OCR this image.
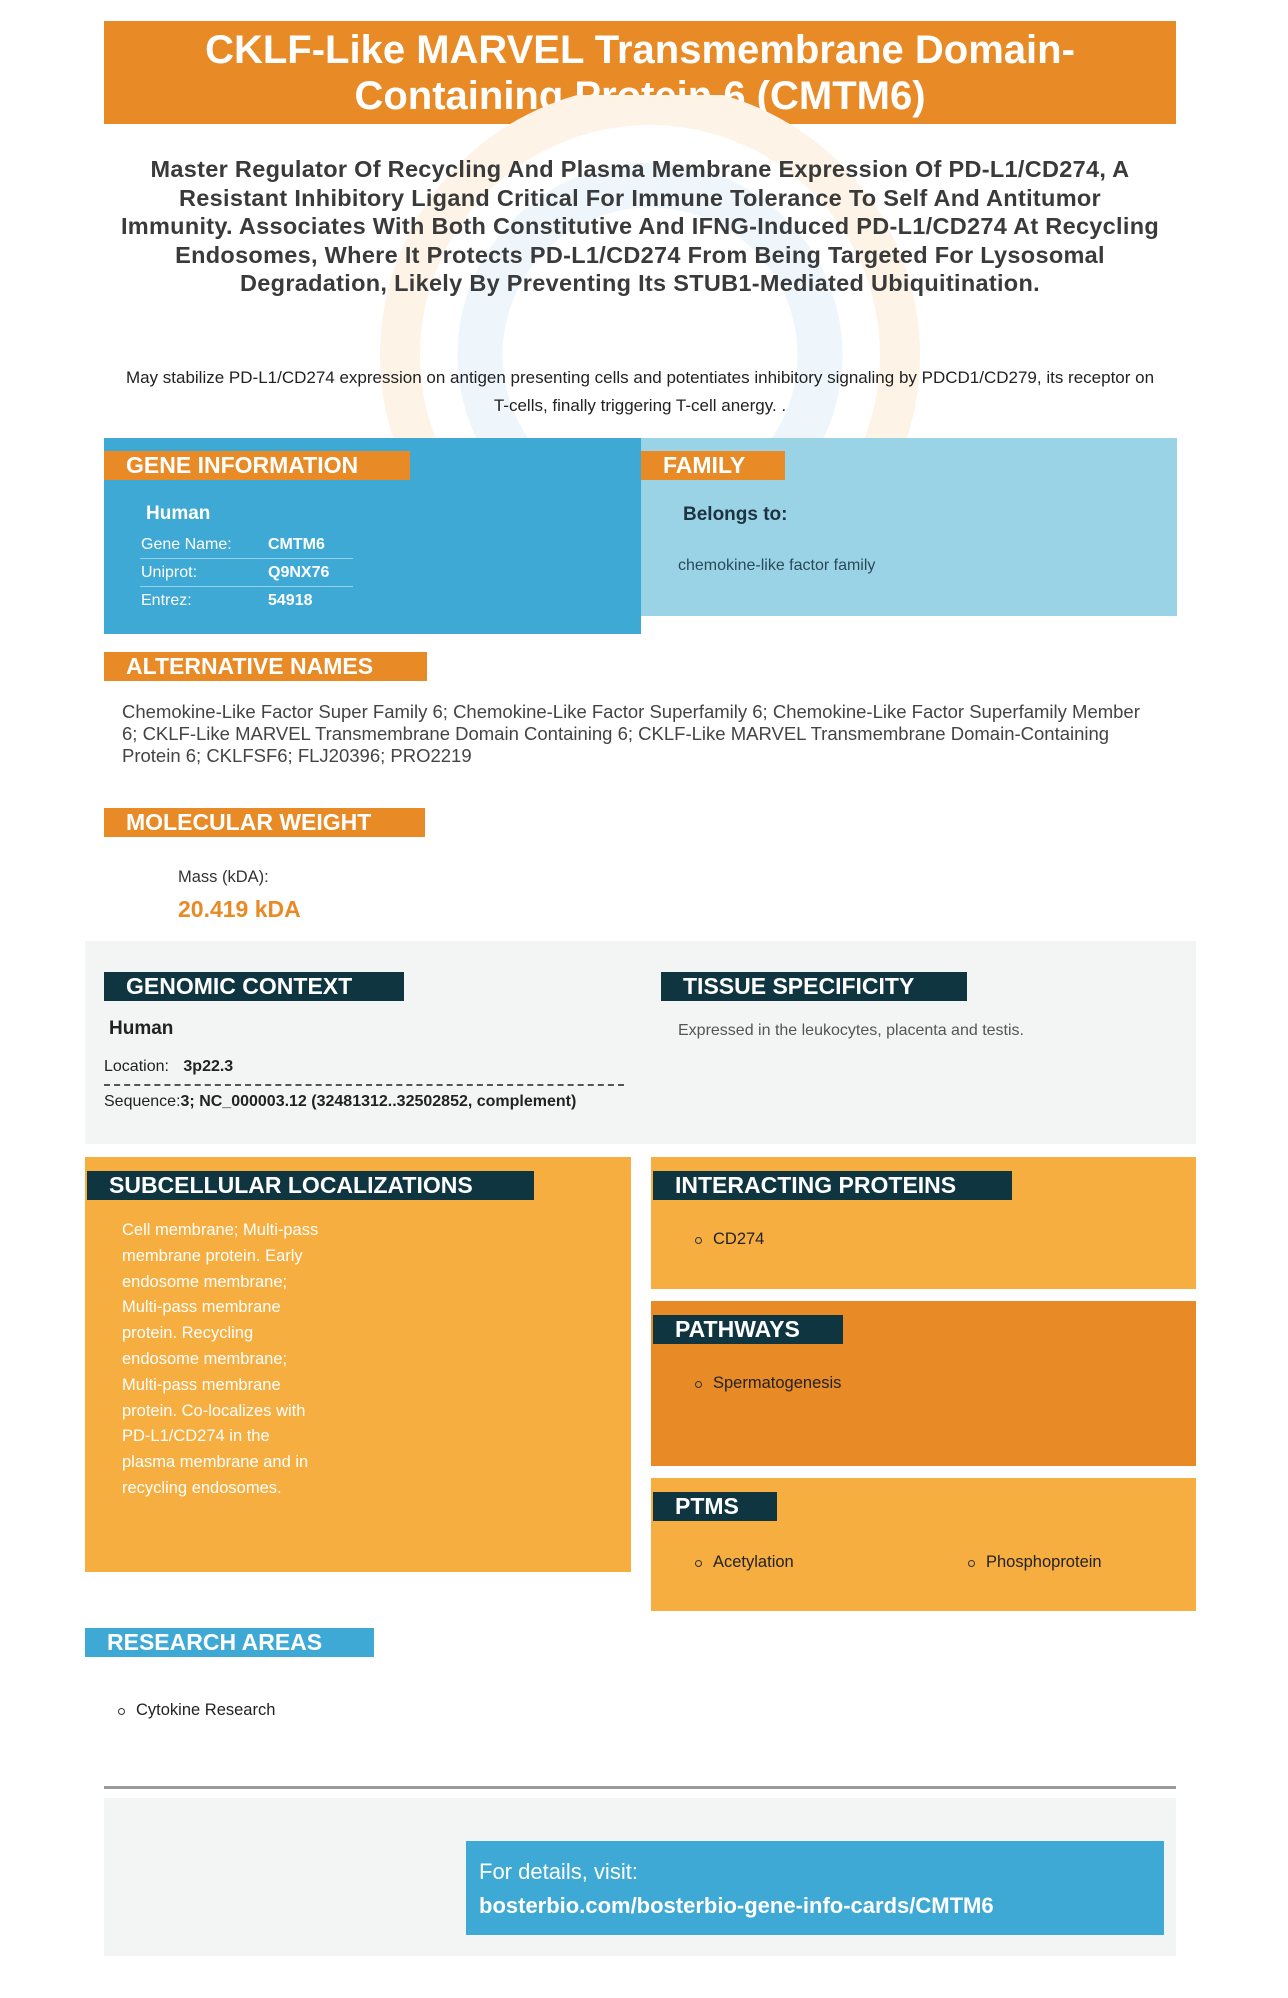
CKLF-Like MARVEL Transmembrane Domain-Containing Protein 6 (CMTM6)
Master Regulator Of Recycling And Plasma Membrane Expression Of PD-L1/CD274, A Resistant Inhibitory Ligand Critical For Immune Tolerance To Self And Antitumor Immunity. Associates With Both Constitutive And IFNG-Induced PD-L1/CD274 At Recycling Endosomes, Where It Protects PD-L1/CD274 From Being Targeted For Lysosomal Degradation, Likely By Preventing Its STUB1-Mediated Ubiquitination.
May stabilize PD-L1/CD274 expression on antigen presenting cells and potentiates inhibitory signaling by PDCD1/CD279, its receptor on T-cells, finally triggering T-cell anergy. .
GENE INFORMATION	FAMILY
Human
Gene Name:	CMTM6
Uniprot:	Q9NX76
Entrez:	54918
Belongs to:
chemokine-like factor family
ALTERNATIVE NAMES
Chemokine-Like Factor Super Family 6; Chemokine-Like Factor Superfamily 6; Chemokine-Like Factor Superfamily Member 6; CKLF-Like MARVEL Transmembrane Domain Containing 6; CKLF-Like MARVEL Transmembrane Domain-Containing Protein 6; CKLFSF6; FLJ20396; PRO2219
MOLECULAR WEIGHT
Mass (kDA):
20.419 kDA
GENOMIC CONTEXT	TISSUE SPECIFICITY
Human
Location: 3p22.3
Sequence:3; NC_000003.12 (32481312..32502852, complement)
Expressed in the leukocytes, placenta and testis.
SUBCELLULAR LOCALIZATIONS
Cell membrane; Multi-pass membrane protein. Early endosome membrane; Multi-pass membrane protein. Recycling endosome membrane; Multi-pass membrane protein. Co-localizes with PD-L1/CD274 in the plasma membrane and in recycling endosomes.
INTERACTING PROTEINS
CD274
PATHWAYS
Spermatogenesis
PTMS
Acetylation	Phosphoprotein
RESEARCH AREAS
Cytokine Research
For details, visit:
bosterbio.com/bosterbio-gene-info-cards/CMTM6
